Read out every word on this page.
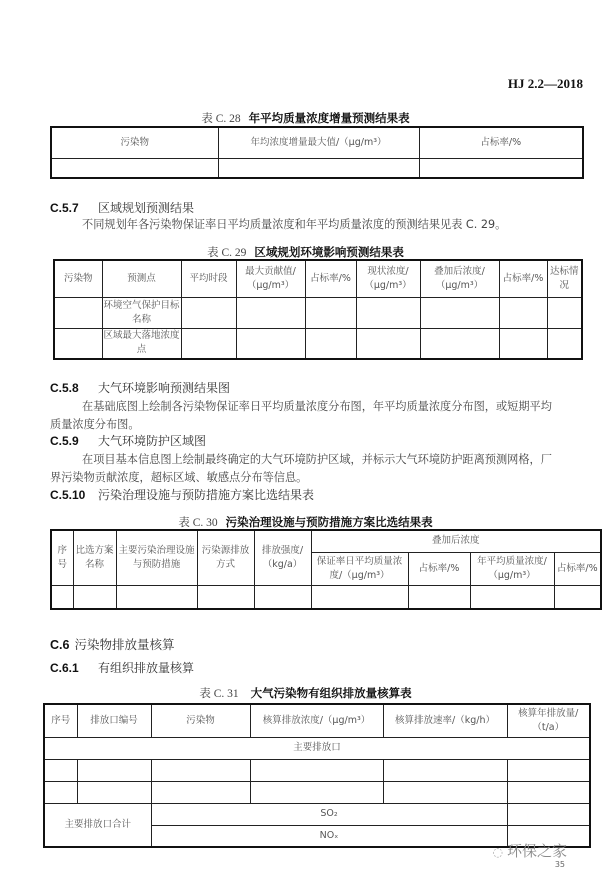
HJ 2.2—2018
表 C. 28 年平均质量浓度增量预测结果表
污染物	年均浓度增量最大值/（μg/m³）	占标率/%

C.5.7 区域规划预测结果
不同规划年各污染物保证率日平均质量浓度和年平均质量浓度的预测结果见表 C. 29。
表 C. 29 区域规划环境影响预测结果表
污染物	预测点	平均时段	最大贡献值/（μg/m³）	占标率/%	现状浓度/（μg/m³）	叠加后浓度/（μg/m³）	占标率/%	达标情况
	环境空气保护目标名称							
	区域最大落地浓度点							
C.5.8 大气环境影响预测结果图
在基础底图上绘制各污染物保证率日平均质量浓度分布图，年平均质量浓度分布图，或短期平均
质量浓度分布图。
C.5.9 大气环境防护区域图
在项目基本信息图上绘制最终确定的大气环境防护区域，并标示大气环境防护距离预测网格，厂
界污染物贡献浓度，超标区域、敏感点分布等信息。
C.5.10 污染治理设施与预防措施方案比选结果表
表 C. 30 污染治理设施与预防措施方案比选结果表
序号	比选方案名称	主要污染治理设施与预防措施	污染源排放方式	排放强度/（kg/a）	叠加后浓度			
					保证率日平均质量浓度/（μg/m³）	占标率/%	年平均质量浓度/（μg/m³）	占标率/%

C.6 污染物排放量核算
C.6.1 有组织排放量核算
表 C. 31 大气污染物有组织排放量核算表
序号	排放口编号	污染物	核算排放浓度/（μg/m³）	核算排放速率/（kg/h）	核算年排放量/（t/a）
主要排放口					

主要排放口合计		SO₂			
		NOₓ			
◌ 环保之家
35
